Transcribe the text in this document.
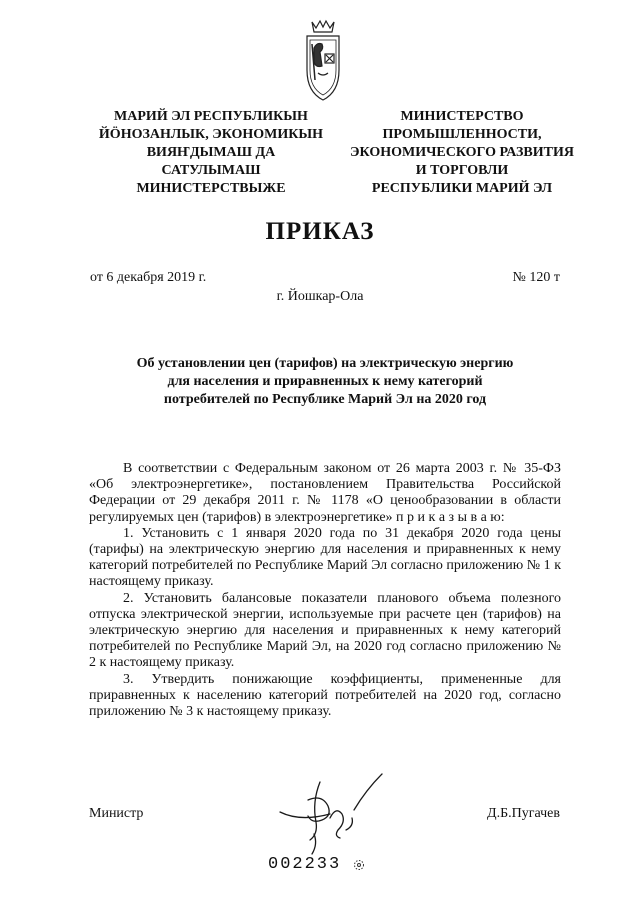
МАРИЙ ЭЛ РЕСПУБЛИКЫН
ЙӦНОЗАНЛЫК, ЭКОНОМИКЫН
ВИЯҤДЫМАШ ДА
САТУЛЫМАШ
МИНИСТЕРСТВЫЖЕ
МИНИСТЕРСТВО
ПРОМЫШЛЕННОСТИ,
ЭКОНОМИЧЕСКОГО РАЗВИТИЯ
И ТОРГОВЛИ
РЕСПУБЛИКИ МАРИЙ ЭЛ
ПРИКАЗ
от 6 декабря 2019 г.	№ 120 т
г. Йошкар-Ола
Об установлении цен (тарифов) на электрическую энергию
для населения и приравненных к нему категорий
потребителей по Республике Марий Эл на 2020 год

В соответствии с Федеральным законом от 26 марта 2003 г. № 35-ФЗ «Об электроэнергетике», постановлением Правительства Российской Федерации от 29 декабря 2011 г. № 1178 «О ценообразовании в области регулируемых цен (тарифов) в электроэнергетике» п р и к а з ы в а ю:

1. Установить с 1 января 2020 года по 31 декабря 2020 года цены (тарифы) на электрическую энергию для населения и приравненных к нему категорий потребителей по Республике Марий Эл согласно приложению № 1 к настоящему приказу.

2. Установить балансовые показатели планового объема полезного отпуска электрической энергии, используемые при расчете цен (тарифов) на электрическую энергию для населения и приравненных к нему категорий потребителей по Республике Марий Эл, на 2020 год согласно приложению № 2 к настоящему приказу.

3. Утвердить понижающие коэффициенты, примененные для приравненных к населению категорий потребителей на 2020 год, согласно приложению № 3 к настоящему приказу.

Министр	Д.Б.Пугачев
002233
